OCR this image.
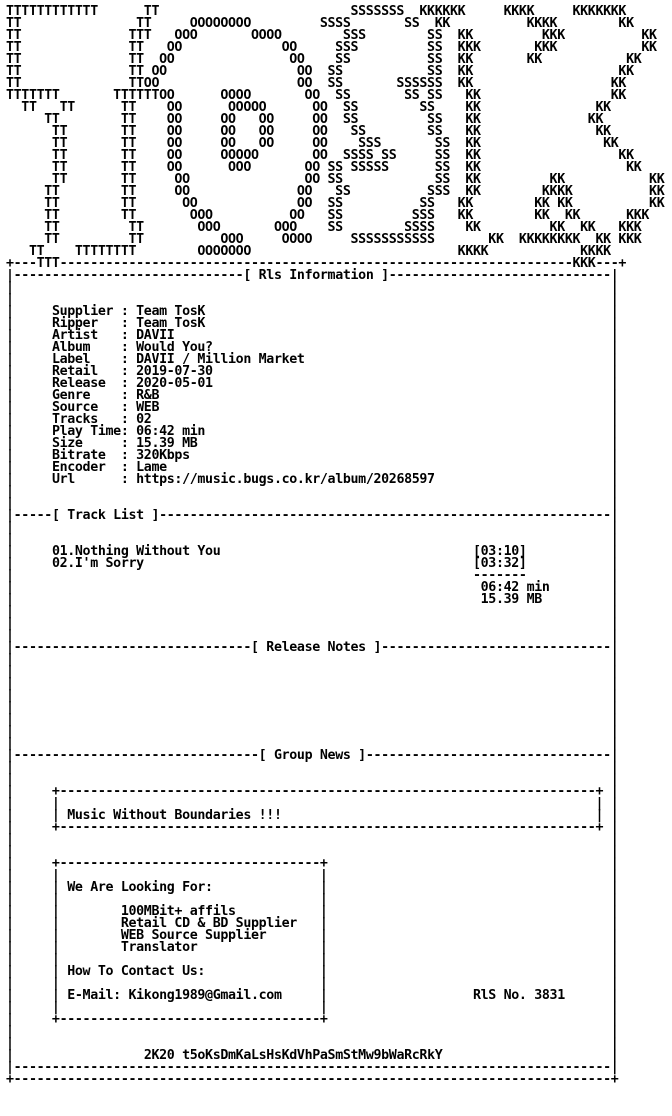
TTTTTTTTTTTT      TT                         SSSSSSS  KKKKKK     KKKK     KKKKKKK
TT               TT     OOOOOOOO         SSSS       SS  KK          KKKK        KK
TT              TTT   OOO       OOOO        SSS        SS  KK         KKK          KK
TT              TT   OO             OO     SSS         SS  KKK       KKK           KK
TT              TT  OO               OO    SS          SS  KK       KK           KK
TT              TT OO                 OO  SS           SS  KK                   KK
TT              TTOO                  OO  SS       SSSSSS  KK                  KK
TTTTTTT       TTTTTTOO      OOOO       OO  SS       SS SS   KK                 KK
TT   TT      TT    OO      OOOOO      OO  SS        SS    KK               KK
TT        TT    OO     OO   OO     OO  SS         SS   KK              KK
TT       TT    OO     OO   OO     OO   SS        SS   KK               KK
TT       TT    OO     OO   OO     OO    SSS       SS  KK                KK
TT       TT    OO     OOOOO       OO  SSSS SS     SS  KK                  KK
TT       TT    OO      OOO       OO SS SSSSS      SS  KK                   KK
TT       TT     OO               OO SS            SS  KK         KK           KK
TT        TT     OO              OO   SS          SSS  KK        KKKK          KK
TT        TT      OO             OO  SS          SS   KK        KK KK          KK
TT        TT       OOO          OO   SS         SSS   KK        KK  KK      KKK
TT         TT       OOO       OOO    SS        SSSS    KK         KK  KK   KKK
TT         TT          OOO     OOOO     SSSSSSSSSSS       KK  KKKKKKKK  KK KKK
TT    TTTTTTTT        OOOOOOO                           KKKK            KKKK
+---TTT-------------------------------------------------------------------KKK---+
|------------------------------[ Rls Information ]-----------------------------|
|                                                                              |
|                                                                              |
|     Supplier : Team TosK                                                     |
|     Ripper   : Team TosK                                                     |
|     Artist   : DAVII                                                         |
|     Album    : Would You?                                                    |
|     Label    : DAVII / Million Market                                        |
|     Retail   : 2019-07-30                                                    |
|     Release  : 2020-05-01                                                    |
|     Genre    : R&B                                                           |
|     Source   : WEB                                                           |
|     Tracks   : 02                                                            |
|     Play Time: 06:42 min                                                     |
|     Size     : 15.39 MB                                                      |
|     Bitrate  : 320Kbps                                                       |
|     Encoder  : Lame                                                          |
|     Url      : https://music.bugs.co.kr/album/20268597                       |
|                                                                              |
|                                                                              |
|-----[ Track List ]-----------------------------------------------------------|
|                                                                              |
|                                                                              |
|     01.Nothing Without You	[03:10]           |
|     02.I'm Sorry	[03:32]           |
|                                                            -------           |
|                                                             06:42 min        |
|                                                             15.39 MB         |
|                                                                              |
|                                                                              |
|                                                                              |
|-------------------------------[ Release Notes ]------------------------------|
|                                                                              |
|                                                                              |
|                                                                              |
|                                                                              |
|                                                                              |
|                                                                              |
|                                                                              |
|                                                                              |
|--------------------------------[ Group News ]--------------------------------|
|                                                                              |
|                                                                              |
|     +----------------------------------------------------------------------+ |
|     |                                                                      | |
|     | Music Without Boundaries !!!                                         | |
|     +----------------------------------------------------------------------+ |
|                                                                              |
|                                                                              |
|     +----------------------------------+                                     |
|     |	|                                     |
|     | We Are Looking For:	|                                     |
|     |	|                                     |
|     |        100MBit+ affils           |                                     |
|     |        Retail CD & BD Supplier   |                                     |
|     |        WEB Source Supplier       |                                     |
|     |        Translator                |                                     |
|     |	|                                     |
|     | How To Contact Us:	|                                     |
|     |	|                                     |
|     | E-Mail: Kikong1989@Gmail.com     |	RlS No. 3831      |
|     |	|                                     |
|     +----------------------------------+                                     |
|                                                                              |
|                                                                              |
|                 2K20 t5oKsDmKaLsHsKdVhPaSmStMw9bWaRcRkY                      |
|------------------------------------------------------------------------------|
+------------------------------------------------------------------------------+
